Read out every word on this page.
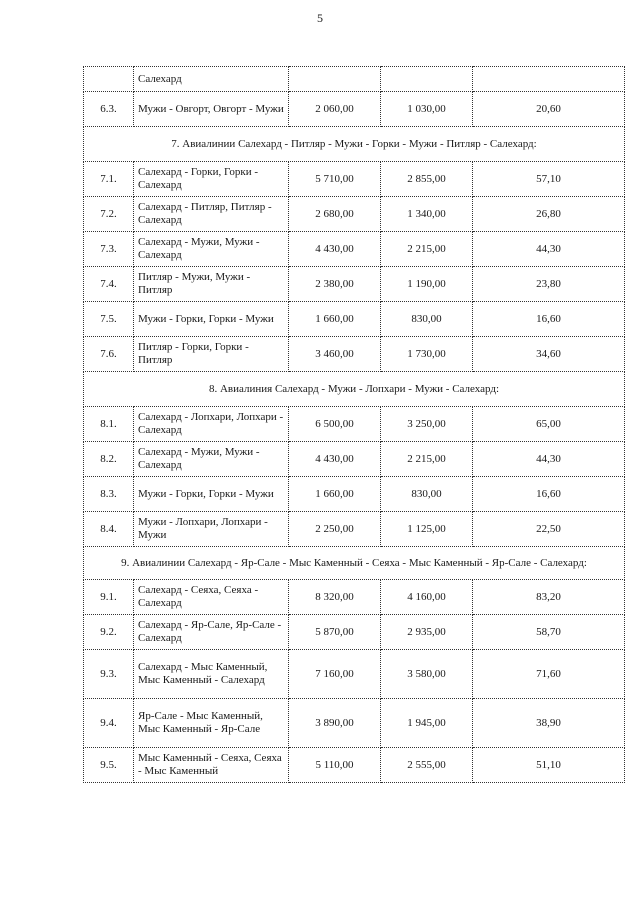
5
	Салехард			
6.3.	Мужи - Овгорт, Овгорт - Мужи	2 060,00	1 030,00	20,60
7. Авиалинии Салехард - Питляр - Мужи - Горки - Мужи - Питляр - Салехард:				
7.1.	Салехард - Горки, Горки - Салехард	5 710,00	2 855,00	57,10
7.2.	Салехард - Питляр, Питляр - Салехард	2 680,00	1 340,00	26,80
7.3.	Салехард - Мужи, Мужи - Салехард	4 430,00	2 215,00	44,30
7.4.	Питляр - Мужи, Мужи - Питляр	2 380,00	1 190,00	23,80
7.5.	Мужи - Горки, Горки - Мужи	1 660,00	830,00	16,60
7.6.	Питляр - Горки, Горки - Питляр	3 460,00	1 730,00	34,60
8. Авиалиния Салехард - Мужи - Лопхари - Мужи - Салехард:				
8.1.	Салехард - Лопхари, Лопхари - Салехард	6 500,00	3 250,00	65,00
8.2.	Салехард - Мужи, Мужи - Салехард	4 430,00	2 215,00	44,30
8.3.	Мужи - Горки, Горки - Мужи	1 660,00	830,00	16,60
8.4.	Мужи - Лопхари, Лопхари - Мужи	2 250,00	1 125,00	22,50
9. Авиалинии Салехард - Яр-Сале - Мыс Каменный - Сеяха - Мыс Каменный - Яр-Сале - Салехард:				
9.1.	Салехард - Сеяха, Сеяха - Салехард	8 320,00	4 160,00	83,20
9.2.	Салехард - Яр-Сале, Яр-Сале - Салехард	5 870,00	2 935,00	58,70
9.3.	Салехард - Мыс Каменный, Мыс Каменный - Салехард	7 160,00	3 580,00	71,60
9.4.	Яр-Сале - Мыс Каменный, Мыс Каменный - Яр-Сале	3 890,00	1 945,00	38,90
9.5.	Мыс Каменный - Сеяха, Сеяха - Мыс Каменный	5 110,00	2 555,00	51,10
